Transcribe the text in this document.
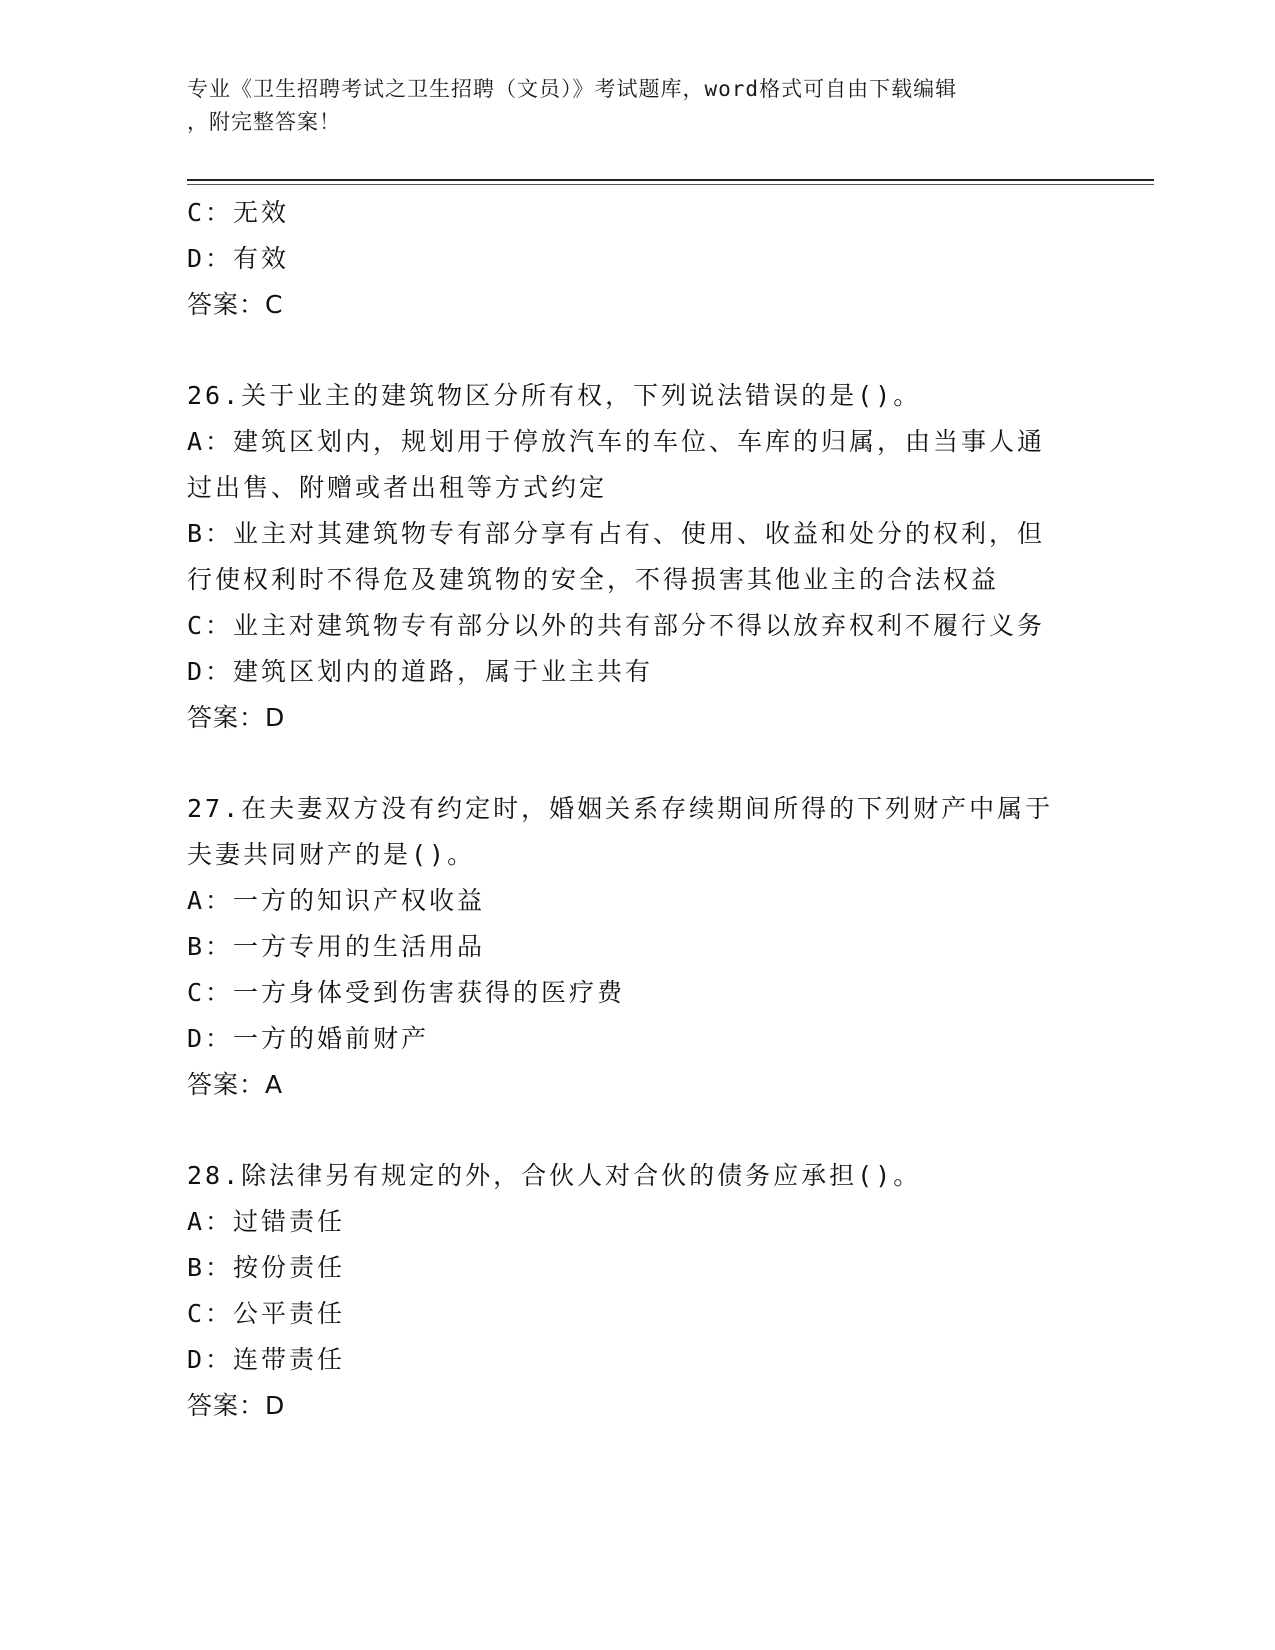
专业《卫生招聘考试之卫生招聘（文员）》考试题库，word格式可自由下载编辑
，附完整答案！

C：无效

D：有效

答案：C

26.关于业主的建筑物区分所有权，下列说法错误的是()。

A：建筑区划内，规划用于停放汽车的车位、车库的归属，由当事人通

过出售、附赠或者出租等方式约定

B：业主对其建筑物专有部分享有占有、使用、收益和处分的权利，但

行使权利时不得危及建筑物的安全，不得损害其他业主的合法权益

C：业主对建筑物专有部分以外的共有部分不得以放弃权利不履行义务

D：建筑区划内的道路，属于业主共有

答案：D

27.在夫妻双方没有约定时，婚姻关系存续期间所得的下列财产中属于

夫妻共同财产的是()。

A：一方的知识产权收益

B：一方专用的生活用品

C：一方身体受到伤害获得的医疗费

D：一方的婚前财产

答案：A

28.除法律另有规定的外，合伙人对合伙的债务应承担()。

A：过错责任

B：按份责任

C：公平责任

D：连带责任

答案：D
